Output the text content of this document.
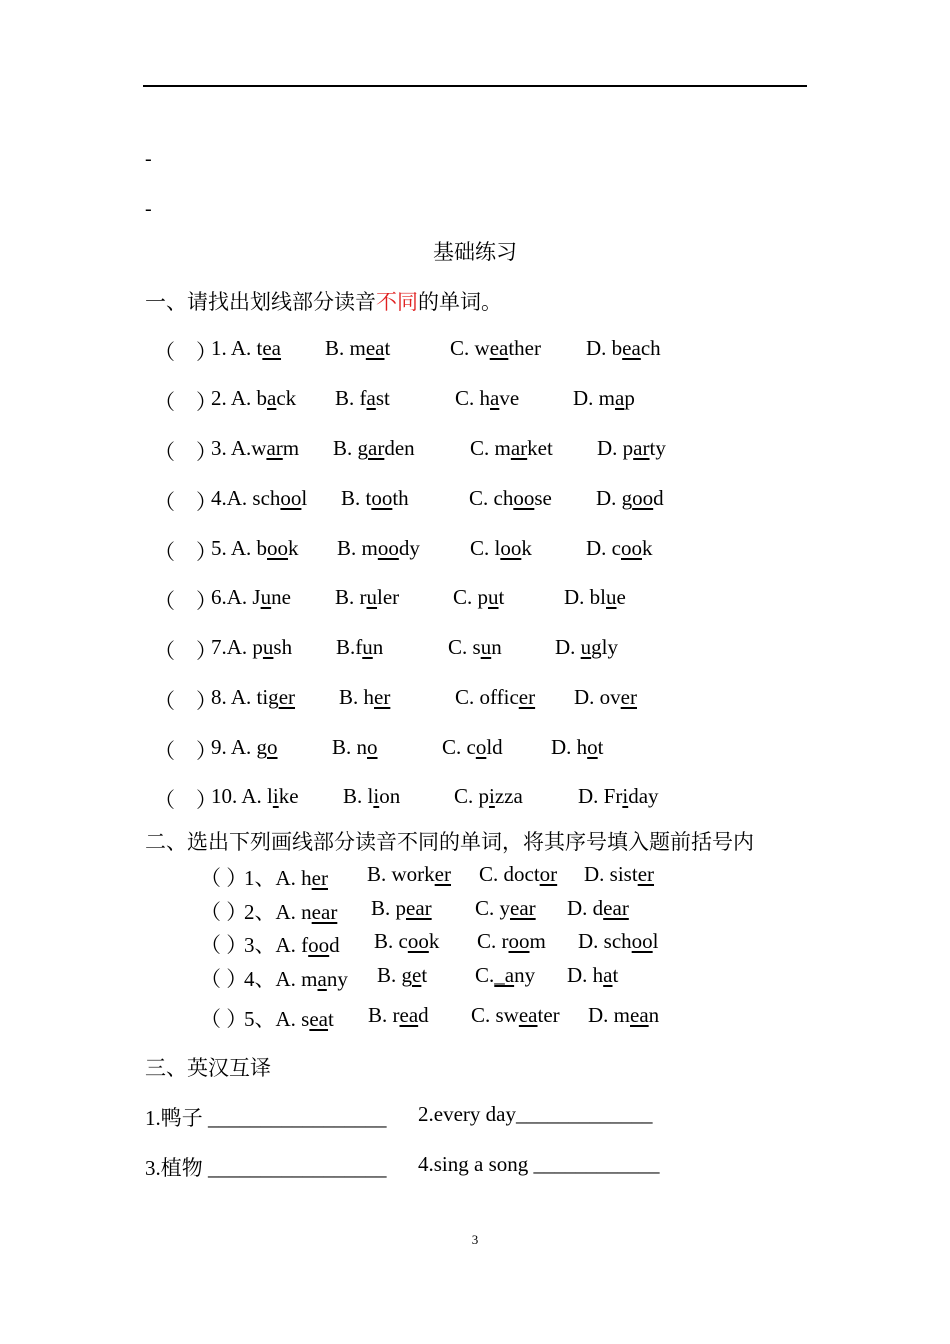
-
-
基础练习
一、请找出划线部分读音不同的单词。
（　）
1. A. tea B. meat	C. weather D. beach
（　）
2. A. back B. fast	C. have	D. map
（　）
3. A.warm B. garden	C. market D. party
（　）
4.A. school B. tooth	C. choose D. good
（　）
5. A. book B. moody C. look	D. cook
（　）
6.A. June B. ruler	C. put	D. blue
（　）
7.A. push B.fun	C. sun	D. ugly
（　）
8. A. tiger B. her	C. officer D. over
（　）
9. A. go	B. no	C. cold D. hot
（　）
10. A. like B. lion	C. pizza	D. Friday
二、选出下列画线部分读音不同的单词，将其序号填入题前括号内
（ ）
1、A. her B. worker C. doctor D. sister
（ ）
2、A. near B. pear C. year D. dear
（ ）
3、A. food B. cook C. room D. school
（ ）
4、A. many B. get C._any D. hat
（ ）
5、A. seat B. read C. sweater D. mean
三、英汉互译
1.鸭子 _________________ 2.every day_____________
3.植物 _________________ 4.sing a song ____________
3
